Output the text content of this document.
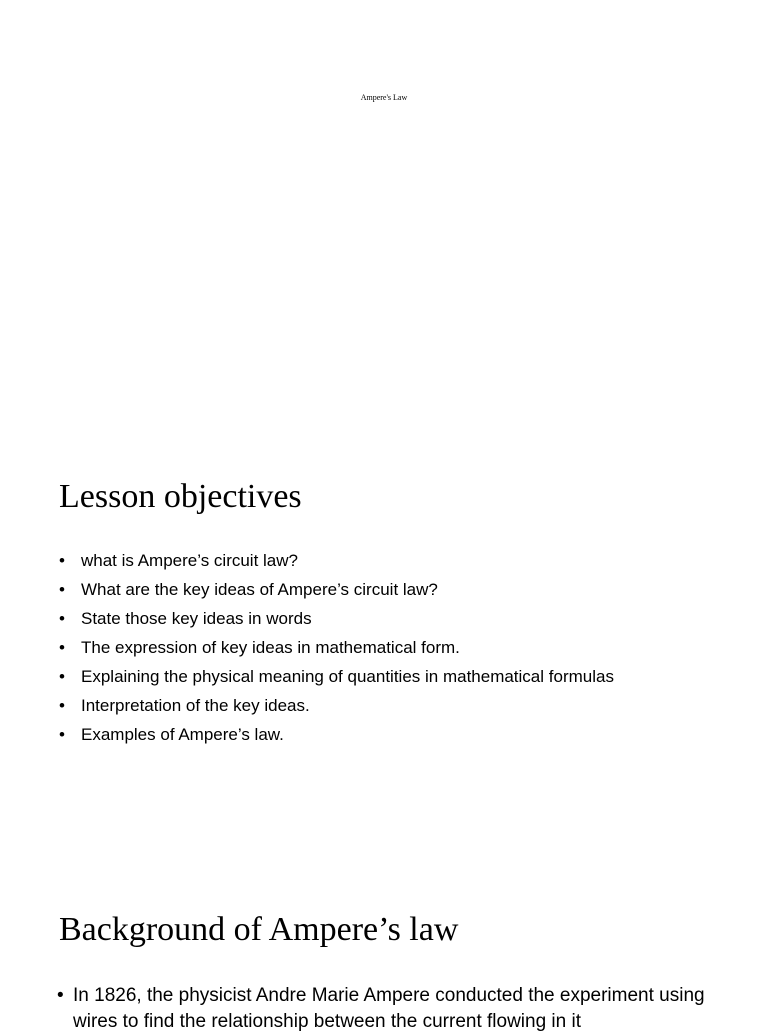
Ampere's Law
Lesson objectives
• what is Ampere’s circuit law?
• What are the key ideas of Ampere’s circuit law?
• State those key ideas in words
• The expression of key ideas in mathematical form.
• Explaining the physical meaning of quantities in mathematical formulas
• Interpretation of the key ideas.
• Examples of Ampere’s law.
Background of Ampere’s law
• In 1826, the physicist Andre Marie Ampere conducted the experiment using wires to find the relationship between the current flowing in it
